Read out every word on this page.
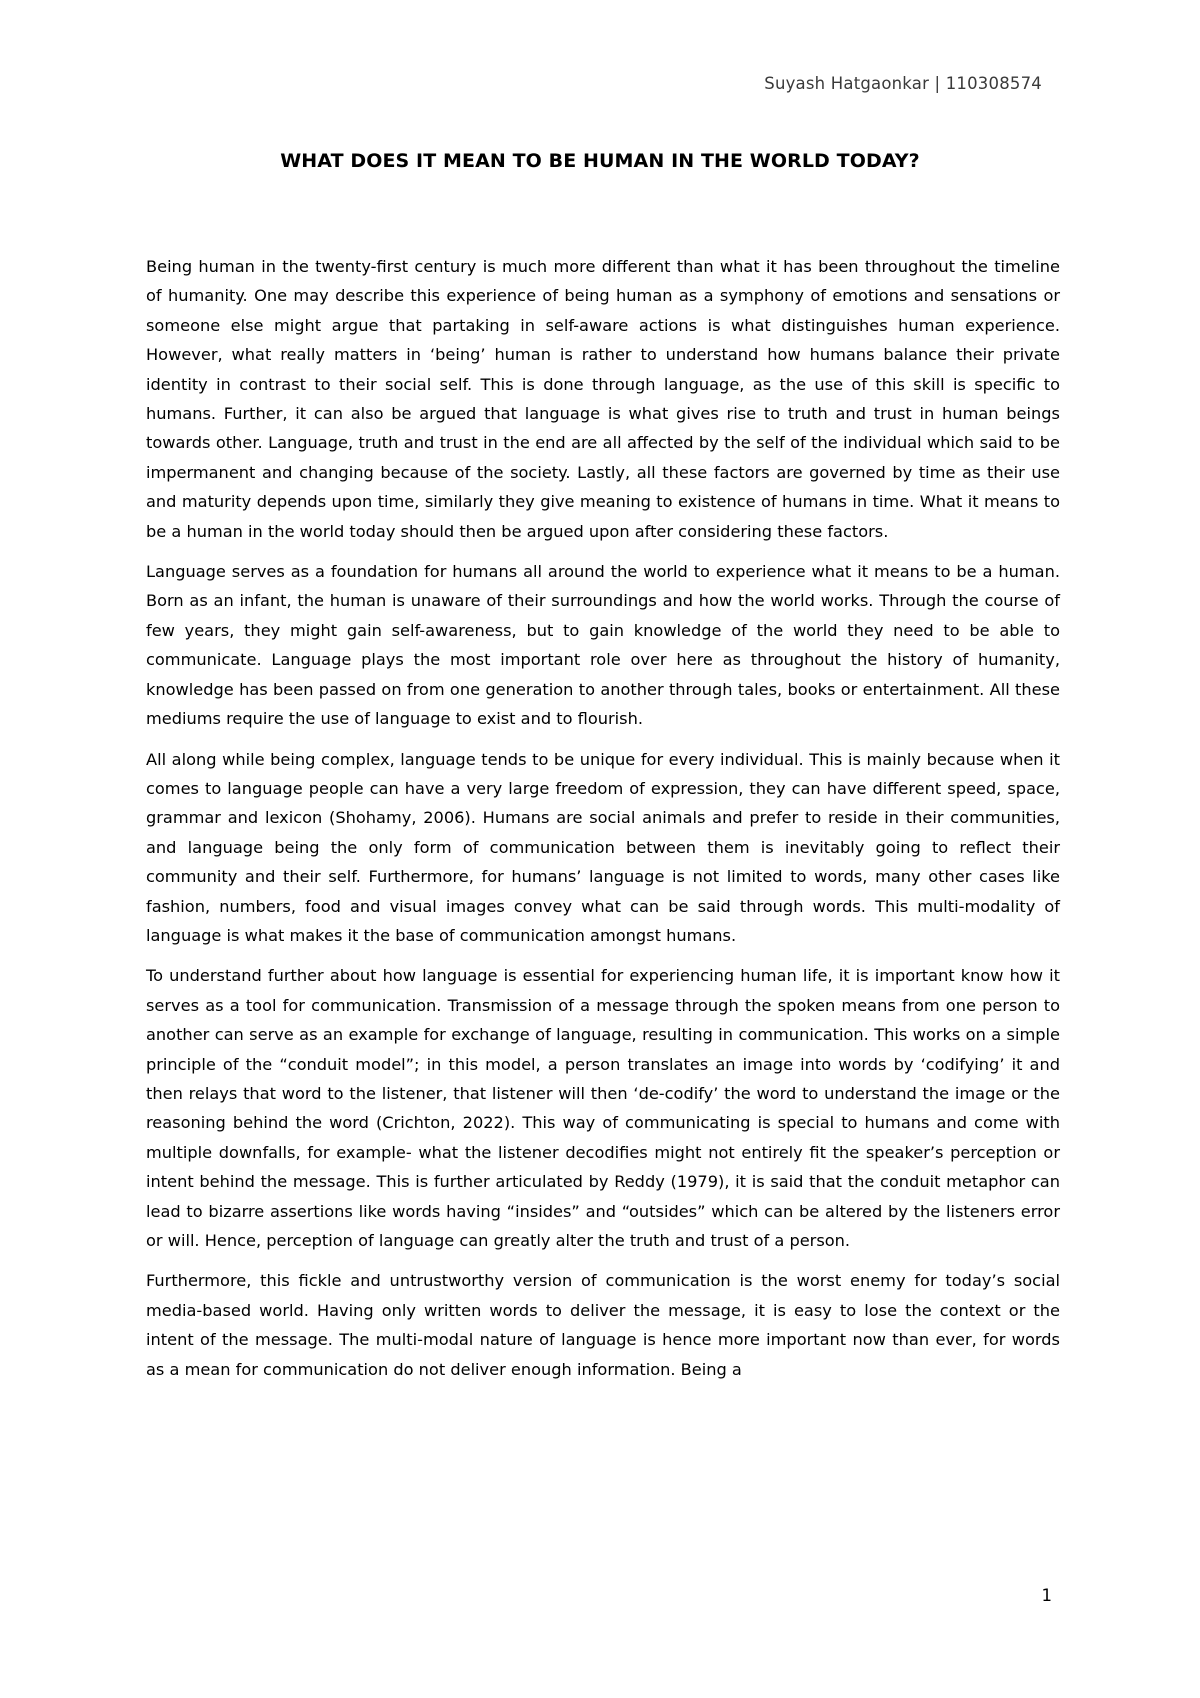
Suyash Hatgaonkar | 110308574
WHAT DOES IT MEAN TO BE HUMAN IN THE WORLD TODAY?

Being human in the twenty-first century is much more different than what it has been throughout the timeline of humanity. One may describe this experience of being human as a symphony of emotions and sensations or someone else might argue that partaking in self-aware actions is what distinguishes human experience. However, what really matters in ‘being’ human is rather to understand how humans balance their private identity in contrast to their social self. This is done through language, as the use of this skill is specific to humans. Further, it can also be argued that language is what gives rise to truth and trust in human beings towards other. Language, truth and trust in the end are all affected by the self of the individual which said to be impermanent and changing because of the society. Lastly, all these factors are governed by time as their use and maturity depends upon time, similarly they give meaning to existence of humans in time. What it means to be a human in the world today should then be argued upon after considering these factors.

Language serves as a foundation for humans all around the world to experience what it means to be a human. Born as an infant, the human is unaware of their surroundings and how the world works. Through the course of few years, they might gain self-awareness, but to gain knowledge of the world they need to be able to communicate. Language plays the most important role over here as throughout the history of humanity, knowledge has been passed on from one generation to another through tales, books or entertainment. All these mediums require the use of language to exist and to flourish.

All along while being complex, language tends to be unique for every individual. This is mainly because when it comes to language people can have a very large freedom of expression, they can have different speed, space, grammar and lexicon (Shohamy, 2006). Humans are social animals and prefer to reside in their communities, and language being the only form of communication between them is inevitably going to reflect their community and their self. Furthermore, for humans’ language is not limited to words, many other cases like fashion, numbers, food and visual images convey what can be said through words. This multi-modality of language is what makes it the base of communication amongst humans.

To understand further about how language is essential for experiencing human life, it is important know how it serves as a tool for communication. Transmission of a message through the spoken means from one person to another can serve as an example for exchange of language, resulting in communication. This works on a simple principle of the “conduit model”; in this model, a person translates an image into words by ‘codifying’ it and then relays that word to the listener, that listener will then ‘de-codify’ the word to understand the image or the reasoning behind the word (Crichton, 2022). This way of communicating is special to humans and come with multiple downfalls, for example- what the listener decodifies might not entirely fit the speaker’s perception or intent behind the message. This is further articulated by Reddy (1979), it is said that the conduit metaphor can lead to bizarre assertions like words having “insides” and “outsides” which can be altered by the listeners error or will. Hence, perception of language can greatly alter the truth and trust of a person.

Furthermore, this fickle and untrustworthy version of communication is the worst enemy for today’s social media-based world. Having only written words to deliver the message, it is easy to lose the context or the intent of the message. The multi-modal nature of language is hence more important now than ever, for words as a mean for communication do not deliver enough information. Being a

1
